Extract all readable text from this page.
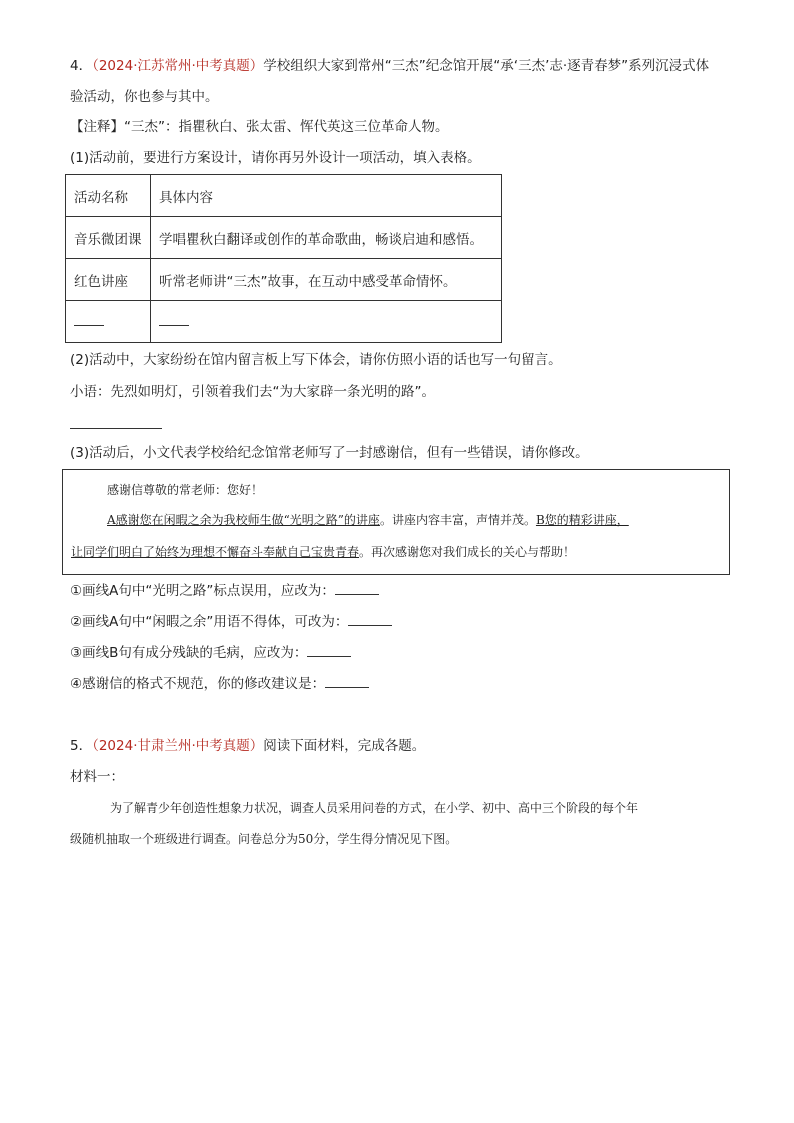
4．（2024·江苏常州·中考真题）学校组织大家到常州“三杰”纪念馆开展“承‘三杰’志·逐青春梦”系列沉浸式体
验活动，你也参与其中。
【注释】“三杰”：指瞿秋白、张太雷、恽代英这三位革命人物。
(1)活动前，要进行方案设计，请你再另外设计一项活动，填入表格。
活动名称	具体内容
音乐微团课	学唱瞿秋白翻译或创作的革命歌曲，畅谈启迪和感悟。
红色讲座	听常老师讲“三杰”故事，在互动中感受革命情怀。

(2)活动中，大家纷纷在馆内留言板上写下体会，请你仿照小语的话也写一句留言。
小语：先烈如明灯，引领着我们去“为大家辟一条光明的路”。
(3)活动后，小文代表学校给纪念馆常老师写了一封感谢信，但有一些错误，请你修改。
感谢信尊敬的常老师：您好！
A感谢您在闲暇之余为我校师生做“光明之路”的讲座。讲座内容丰富，声情并茂。B您的精彩讲座，
让同学们明白了始终为理想不懈奋斗奉献自己宝贵青春。再次感谢您对我们成长的关心与帮助！
①画线A句中“光明之路”标点误用，应改为：
②画线A句中“闲暇之余”用语不得体，可改为：
③画线B句有成分残缺的毛病，应改为：
④感谢信的格式不规范，你的修改建议是：
5．（2024·甘肃兰州·中考真题）阅读下面材料，完成各题。
材料一：
为了解青少年创造性想象力状况，调查人员采用问卷的方式，在小学、初中、高中三个阶段的每个年
级随机抽取一个班级进行调查。问卷总分为50分，学生得分情况见下图。
